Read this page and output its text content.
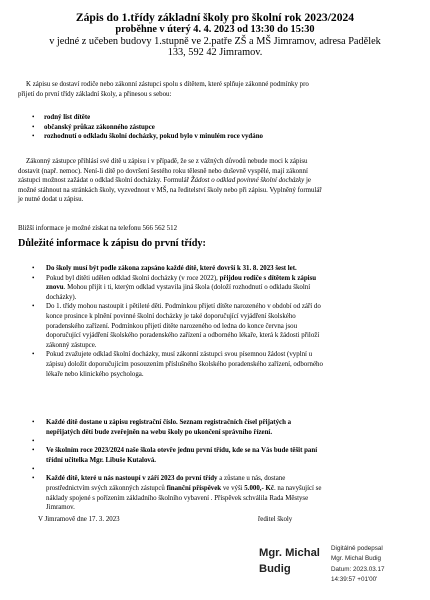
Zápis do 1.třídy základní školy pro školní rok 2023/2024
proběhne v úterý 4. 4. 2023 od 13:30 do 15:30
v jedné z učeben budovy 1.stupně ve 2.patře ZŠ a MŠ Jimramov, adresa Padělek
133, 592 42 Jimramov.
K zápisu se dostaví rodiče nebo zákonní zástupci spolu s dítětem, které splňuje zákonné podmínky pro
přijetí do první třídy základní školy, a přinesou s sebou:
• rodný list dítěte
• občanský průkaz zákonného zástupce
• rozhodnutí o odkladu školní docházky, pokud bylo v minulém roce vydáno
Zákonný zástupce přihlásí své dítě u zápisu i v případě, že se z vážných důvodů nebude moci k zápisu
dostavit (např. nemoc). Není-li dítě po dovršení šestého roku tělesně nebo duševně vyspělé, mají zákonní
zástupci možnost zažádat o odklad školní docházky. Formulář Žádost o odklad povinné školní docházky je
možné stáhnout na stránkách školy, vyzvednout v MŠ, na ředitelství školy nebo při zápisu. Vyplněný formulář
je nutné dodat u zápisu.
Bližší informace je možné získat na telefonu 566 562 512
Důležité informace k zápisu do první třídy:
• Do školy musí být podle zákona zapsáno každé dítě, které dovrší k 31. 8. 2023 šest let.
• Pokud byl dítěti udělen odklad školní docházky (v roce 2022), přijdou rodiče s dítětem k zápisu
znovu. Mohou přijít i ti, kterým odklad vystavila jiná škola (doloží rozhodnutí o odkladu školní
docházky).
• Do 1. třídy mohou nastoupit i pětileté děti. Podmínkou přijetí dítěte narozeného v období od září do
konce prosince k plnění povinné školní docházky je také doporučující vyjádření školského
poradenského zařízení. Podmínkou přijetí dítěte narozeného od ledna do konce června jsou
doporučující vyjádření školského poradenského zařízení a odborného lékaře, která k žádosti přiloží
zákonný zástupce.
• Pokud zvažujete odklad školní docházky, musí zákonní zástupci svou písemnou žádost (vyplní u
zápisu) doložit doporučujícím posouzením příslušného školského poradenského zařízení, odborného
lékaře nebo klinického psychologa.
• Každé dítě dostane u zápisu registrační číslo. Seznam registračních čísel přijatých a
nepřijatých dětí bude zveřejněn na webu školy po ukončení správního řízení.
•
• Ve školním roce 2023/2024 naše škola otevře jednu první třídu, kde se na Vás bude těšit paní
třídní učitelka Mgr. Libuše Kutalová.
•
• Každé dítě, které u nás nastoupí v září 2023 do první třídy a zůstane u nás, dostane
prostřednictvím svých zákonných zástupců finanční příspěvek ve výši 5.000,- Kč. na navyšující se
náklady spojené s pořízením základního školního vybavení . Příspěvek schválila Rada Městyse
Jimramov.
V Jimramově dne 17. 3. 2023	ředitel školy
Mgr. Michal
Budig
Digitálně podepsal
Mgr. Michal Budig
Datum: 2023.03.17
14:39:57 +01'00'
